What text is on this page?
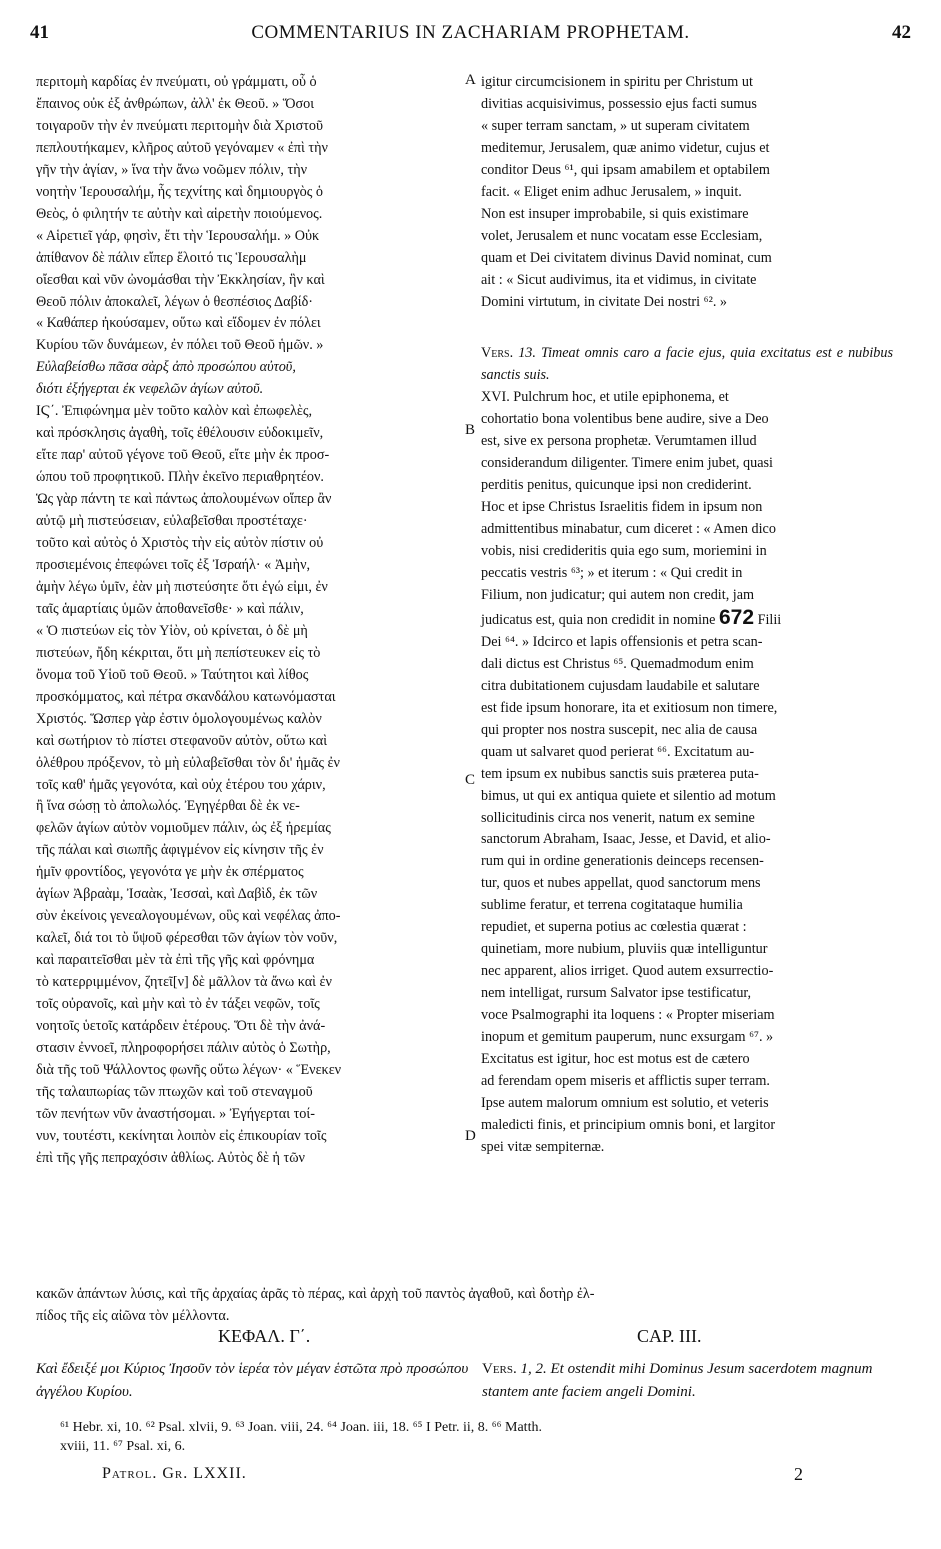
41	COMMENTARIUS IN ZACHARIAM PROPHETAM.	42

περιτομὴ καρδίας ἐν πνεύματι, οὐ γράμματι, οὗ ὁ

ἔπαινος οὐκ ἐξ ἀνθρώπων, ἀλλ' ἐκ Θεοῦ. » Ὅσοι

τοιγαροῦν τὴν ἐν πνεύματι περιτομὴν διὰ Χριστοῦ

πεπλουτήκαμεν, κλῆρος αὐτοῦ γεγόναμεν « ἐπὶ τὴν

γῆν τὴν ἁγίαν, » ἵνα τὴν ἄνω νοῶμεν πόλιν, τὴν

νοητὴν Ἱερουσαλήμ, ἧς τεχνίτης καὶ δημιουργὸς ὁ

Θεὸς, ὁ φιλητήν τε αὐτὴν καὶ αἱρετὴν ποιούμενος.

« Αἱρετιεῖ γάρ, φησὶν, ἔτι τὴν Ἱερουσαλήμ. » Οὐκ

ἀπίθανον δὲ πάλιν εἴπερ ἕλοιτό τις Ἱερουσαλὴμ

οἴεσθαι καὶ νῦν ὠνομάσθαι τὴν Ἐκκλησίαν, ἣν καὶ

Θεοῦ πόλιν ἀποκαλεῖ, λέγων ὁ θεσπέσιος Δαβίδ·

« Καθάπερ ἠκούσαμεν, οὕτω καὶ εἴδομεν ἐν πόλει

Κυρίου τῶν δυνάμεων, ἐν πόλει τοῦ Θεοῦ ἡμῶν. »

Εὐλαβείσθω πᾶσα σὰρξ ἀπὸ προσώπου αὐτοῦ,

διότι ἐξήγερται ἐκ νεφελῶν ἁγίων αὐτοῦ.

ΙϚ΄. Ἐπιφώνημα μὲν τοῦτο καλὸν καὶ ἐπωφελὲς,

καὶ πρόσκλησις ἀγαθὴ, τοῖς ἐθέλουσιν εὐδοκιμεῖν,

εἴτε παρ' αὐτοῦ γέγονε τοῦ Θεοῦ, εἴτε μὴν ἐκ προσ-

ώπου τοῦ προφητικοῦ. Πλὴν ἐκεῖνο περιαθρητέον.

Ὡς γὰρ πάντη τε καὶ πάντως ἀπολουμένων οἵπερ ἂν

αὐτῷ μὴ πιστεύσειαν, εὐλαβεῖσθαι προστέταχε·

τοῦτο καὶ αὐτὸς ὁ Χριστὸς τὴν εἰς αὐτὸν πίστιν οὐ

προσιεμένοις ἐπεφώνει τοῖς ἐξ Ἰσραήλ· « Ἀμὴν,

ἀμὴν λέγω ὑμῖν, ἐὰν μὴ πιστεύσητε ὅτι ἐγώ εἰμι, ἐν

ταῖς ἁμαρτίαις ὑμῶν ἀποθανεῖσθε· » καὶ πάλιν,

« Ὁ πιστεύων εἰς τὸν Υἱὸν, οὐ κρίνεται, ὁ δὲ μὴ

πιστεύων, ἤδη κέκριται, ὅτι μὴ πεπίστευκεν εἰς τὸ

ὄνομα τοῦ Υἱοῦ τοῦ Θεοῦ. » Ταύτητοι καὶ λίθος

προσκόμματος, καὶ πέτρα σκανδάλου κατωνόμασται

Χριστός. Ὥσπερ γὰρ ἐστιν ὁμολογουμένως καλὸν

καὶ σωτήριον τὸ πίστει στεφανοῦν αὐτὸν, οὕτω καὶ

ὀλέθρου πρόξενον, τὸ μὴ εὐλαβεῖσθαι τὸν δι' ἡμᾶς ἐν

τοῖς καθ' ἡμᾶς γεγονότα, καὶ οὐχ ἑτέρου του χάριν,

ἢ ἵνα σώσῃ τὸ ἀπολωλός. Ἐγηγέρθαι δὲ ἐκ νε-

φελῶν ἁγίων αὐτὸν νομιοῦμεν πάλιν, ὡς ἐξ ἠρεμίας

τῆς πάλαι καὶ σιωπῆς ἀφιγμένον εἰς κίνησιν τῆς ἐν

ἡμῖν φροντίδος, γεγονότα γε μὴν ἐκ σπέρματος

ἁγίων Ἀβραὰμ, Ἰσαὰκ, Ἰεσσαὶ, καὶ Δαβὶδ, ἐκ τῶν

σὺν ἐκείνοις γενεαλογουμένων, οὓς καὶ νεφέλας ἀπο-

καλεῖ, διά τοι τὸ ὕψοῦ φέρεσθαι τῶν ἁγίων τὸν νοῦν,

καὶ παραιτεῖσθαι μὲν τὰ ἐπὶ τῆς γῆς καὶ φρόνημα

τὸ κατερριμμένον, ζητεῖ[ν] δὲ μᾶλλον τὰ ἄνω καὶ ἐν

τοῖς οὐρανοῖς, καὶ μὴν καὶ τὸ ἐν τάξει νεφῶν, τοῖς

νοητοῖς ὑετοῖς κατάρδειν ἑτέρους. Ὅτι δὲ τὴν ἀνά-

στασιν ἐννοεῖ, πληροφορήσει πάλιν αὐτὸς ὁ Σωτὴρ,

διὰ τῆς τοῦ Ψάλλοντος φωνῆς οὕτω λέγων· « Ἕνεκεν

τῆς ταλαιπωρίας τῶν πτωχῶν καὶ τοῦ στεναγμοῦ

τῶν πενήτων νῦν ἀναστήσομαι. » Ἐγήγερται τοί-

νυν, τουτέστι, κεκίνηται λοιπὸν εἰς ἐπικουρίαν τοῖς

ἐπὶ τῆς γῆς πεπραχόσιν ἀθλίως. Αὐτὸς δὲ ἡ τῶν

A
B
C
D

igitur circumcisionem in spiritu per Christum ut

divitias acquisivimus, possessio ejus facti sumus

« super terram sanctam, » ut superam civitatem

meditemur, Jerusalem, quæ animo videtur, cujus et

conditor Deus ⁶¹, qui ipsam amabilem et optabilem

facit. « Eliget enim adhuc Jerusalem, » inquit.

Non est insuper improbabile, si quis existimare

volet, Jerusalem et nunc vocatam esse Ecclesiam,

quam et Dei civitatem divinus David nominat, cum

ait : « Sicut audivimus, ita et vidimus, in civitate

Domini virtutum, in civitate Dei nostri ⁶². »

Vers. 13. Timeat omnis caro a facie ejus, quia excitatus est e nubibus sanctis suis.

XVI. Pulchrum hoc, et utile epiphonema, et

cohortatio bona volentibus bene audire, sive a Deo

est, sive ex persona prophetæ. Verumtamen illud

considerandum diligenter. Timere enim jubet, quasi

perditis penitus, quicunque ipsi non crediderint.

Hoc et ipse Christus Israelitis fidem in ipsum non

admittentibus minabatur, cum diceret : « Amen dico

vobis, nisi credideritis quia ego sum, moriemini in

peccatis vestris ⁶³; » et iterum : « Qui credit in

Filium, non judicatur; qui autem non credit, jam

judicatus est, quia non credidit in nomine 672 Filii

Dei ⁶⁴. » Idcirco et lapis offensionis et petra scan-

dali dictus est Christus ⁶⁵. Quemadmodum enim

citra dubitationem cujusdam laudabile et salutare

est fide ipsum honorare, ita et exitiosum non timere,

qui propter nos nostra suscepit, nec alia de causa

quam ut salvaret quod perierat ⁶⁶. Excitatum au-

tem ipsum ex nubibus sanctis suis præterea puta-

bimus, ut qui ex antiqua quiete et silentio ad motum

sollicitudinis circa nos venerit, natum ex semine

sanctorum Abraham, Isaac, Jesse, et David, et alio-

rum qui in ordine generationis deinceps recensen-

tur, quos et nubes appellat, quod sanctorum mens

sublime feratur, et terrena cogitataque humilia

repudiet, et superna potius ac cœlestia quærat :

quinetiam, more nubium, pluviis quæ intelliguntur

nec apparent, alios irriget. Quod autem exsurrectio-

nem intelligat, rursum Salvator ipse testificatur,

voce Psalmographi ita loquens : « Propter miseriam

inopum et gemitum pauperum, nunc exsurgam ⁶⁷. »

Excitatus est igitur, hoc est motus est de cætero

ad ferendam opem miseris et afflictis super terram.

Ipse autem malorum omnium est solutio, et veteris

maledicti finis, et principium omnis boni, et largitor

spei vitæ sempiternæ.

κακῶν ἁπάντων λύσις, καὶ τῆς ἀρχαίας ἀρᾶς τὸ πέρας, καὶ ἀρχὴ τοῦ παντὸς ἀγαθοῦ, καὶ δοτὴρ ἐλ-

πίδος τῆς εἰς αἰῶνα τὸν μέλλοντα.

ΚΕΦΑΛ. Γ΄.	CAP. III.
Καὶ ἔδειξέ μοι Κύριος Ἰησοῦν τὸν ἱερέα τὸν μέγαν ἑστῶτα πρὸ προσώπου ἀγγέλου Κυρίου.
Vers. 1, 2. Et ostendit mihi Dominus Jesum sacerdotem magnum stantem ante faciem angeli Domini.

⁶¹ Hebr. xi, 10. ⁶² Psal. xlvii, 9. ⁶³ Joan. viii, 24. ⁶⁴ Joan. iii, 18. ⁶⁵ I Petr. ii, 8. ⁶⁶ Matth.

xviii, 11. ⁶⁷ Psal. xi, 6.

Patrol. Gr. LXXII.	2
